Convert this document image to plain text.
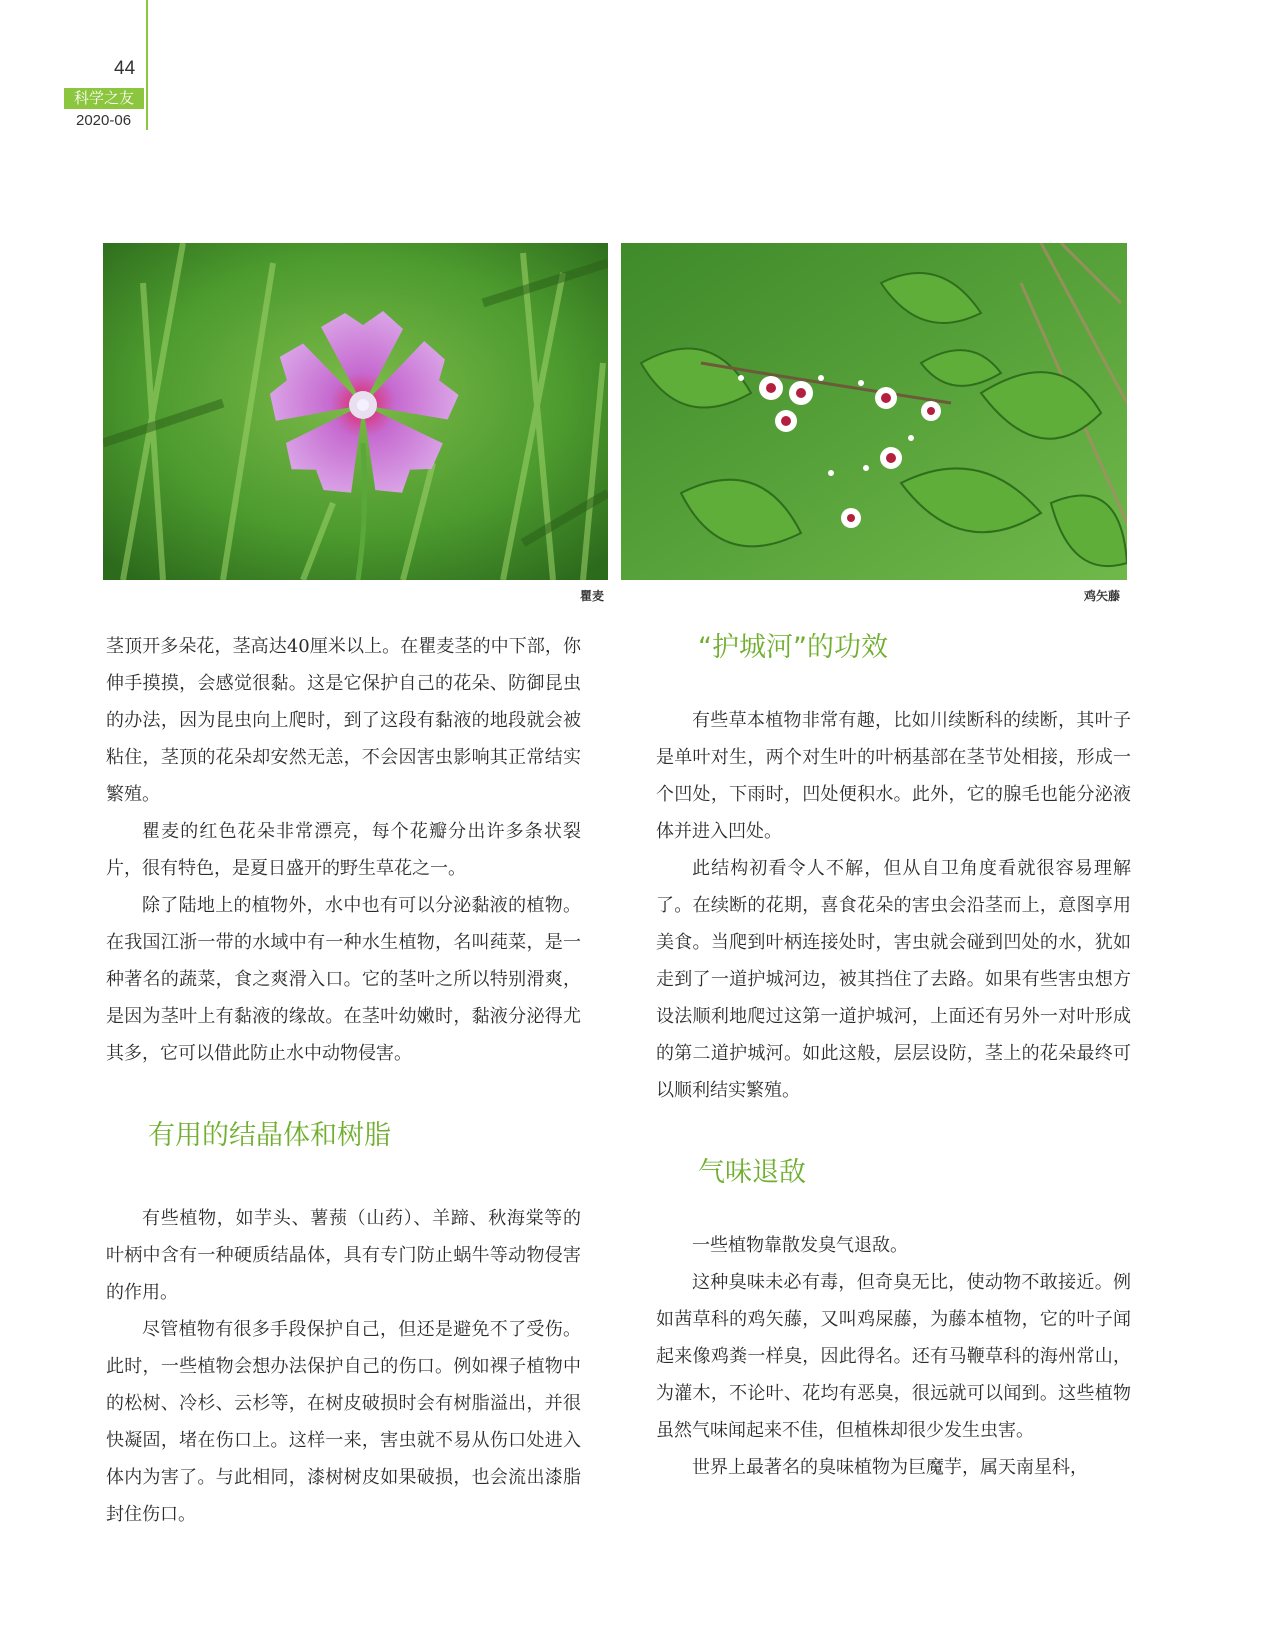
44
科学之友
2020-06
瞿麦	鸡矢藤

茎顶开多朵花，茎高达40厘米以上。在瞿麦茎的中下部，你伸手摸摸，会感觉很黏。这是它保护自己的花朵、防御昆虫的办法，因为昆虫向上爬时，到了这段有黏液的地段就会被粘住，茎顶的花朵却安然无恙，不会因害虫影响其正常结实繁殖。

瞿麦的红色花朵非常漂亮，每个花瓣分出许多条状裂片，很有特色，是夏日盛开的野生草花之一。

除了陆地上的植物外，水中也有可以分泌黏液的植物。在我国江浙一带的水域中有一种水生植物，名叫莼菜，是一种著名的蔬菜，食之爽滑入口。它的茎叶之所以特别滑爽，是因为茎叶上有黏液的缘故。在茎叶幼嫩时，黏液分泌得尤其多，它可以借此防止水中动物侵害。

有用的结晶体和树脂

有些植物，如芋头、薯蓣（山药）、羊蹄、秋海棠等的叶柄中含有一种硬质结晶体，具有专门防止蜗牛等动物侵害的作用。

尽管植物有很多手段保护自己，但还是避免不了受伤。此时，一些植物会想办法保护自己的伤口。例如裸子植物中的松树、冷杉、云杉等，在树皮破损时会有树脂溢出，并很快凝固，堵在伤口上。这样一来，害虫就不易从伤口处进入体内为害了。与此相同，漆树树皮如果破损，也会流出漆脂封住伤口。

“护城河”的功效

有些草本植物非常有趣，比如川续断科的续断，其叶子是单叶对生，两个对生叶的叶柄基部在茎节处相接，形成一个凹处，下雨时，凹处便积水。此外，它的腺毛也能分泌液体并进入凹处。

此结构初看令人不解，但从自卫角度看就很容易理解了。在续断的花期，喜食花朵的害虫会沿茎而上，意图享用美食。当爬到叶柄连接处时，害虫就会碰到凹处的水，犹如走到了一道护城河边，被其挡住了去路。如果有些害虫想方设法顺利地爬过这第一道护城河，上面还有另外一对叶形成的第二道护城河。如此这般，层层设防，茎上的花朵最终可以顺利结实繁殖。

气味退敌

一些植物靠散发臭气退敌。

这种臭味未必有毒，但奇臭无比，使动物不敢接近。例如茜草科的鸡矢藤，又叫鸡屎藤，为藤本植物，它的叶子闻起来像鸡粪一样臭，因此得名。还有马鞭草科的海州常山，为灌木，不论叶、花均有恶臭，很远就可以闻到。这些植物虽然气味闻起来不佳，但植株却很少发生虫害。

世界上最著名的臭味植物为巨魔芋，属天南星科，
